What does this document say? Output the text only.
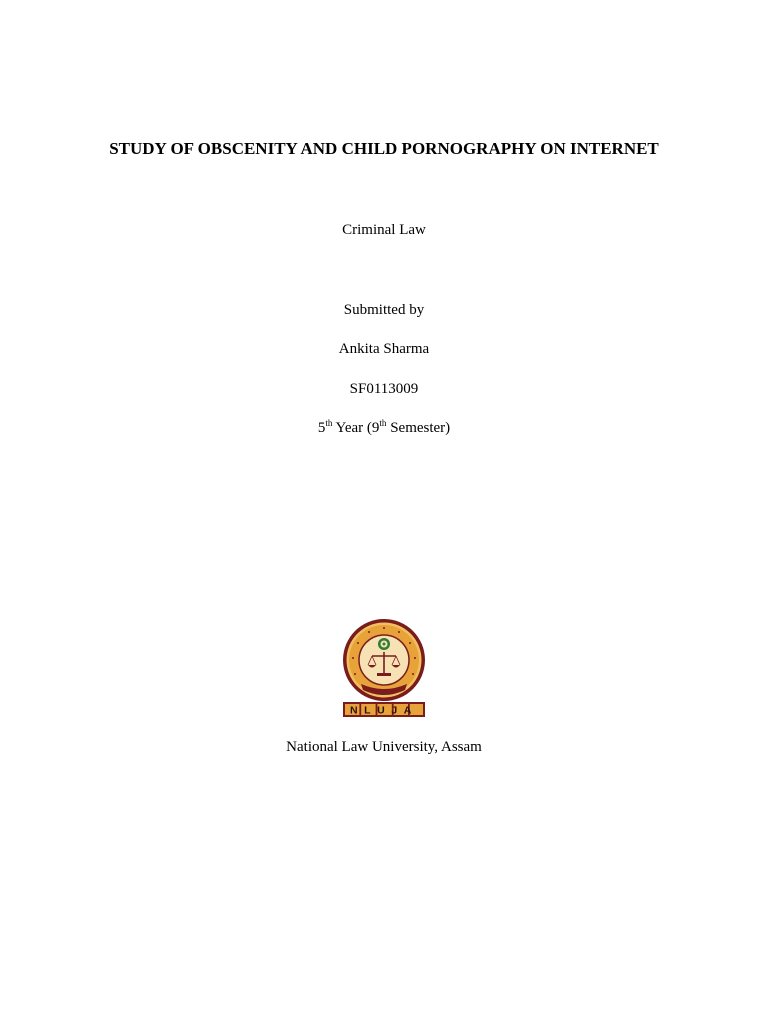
STUDY OF OBSCENITY AND CHILD PORNOGRAPHY ON INTERNET
Criminal Law
Submitted by
Ankita Sharma
SF0113009
5th Year (9th Semester)
NLUJA
National Law University, Assam
